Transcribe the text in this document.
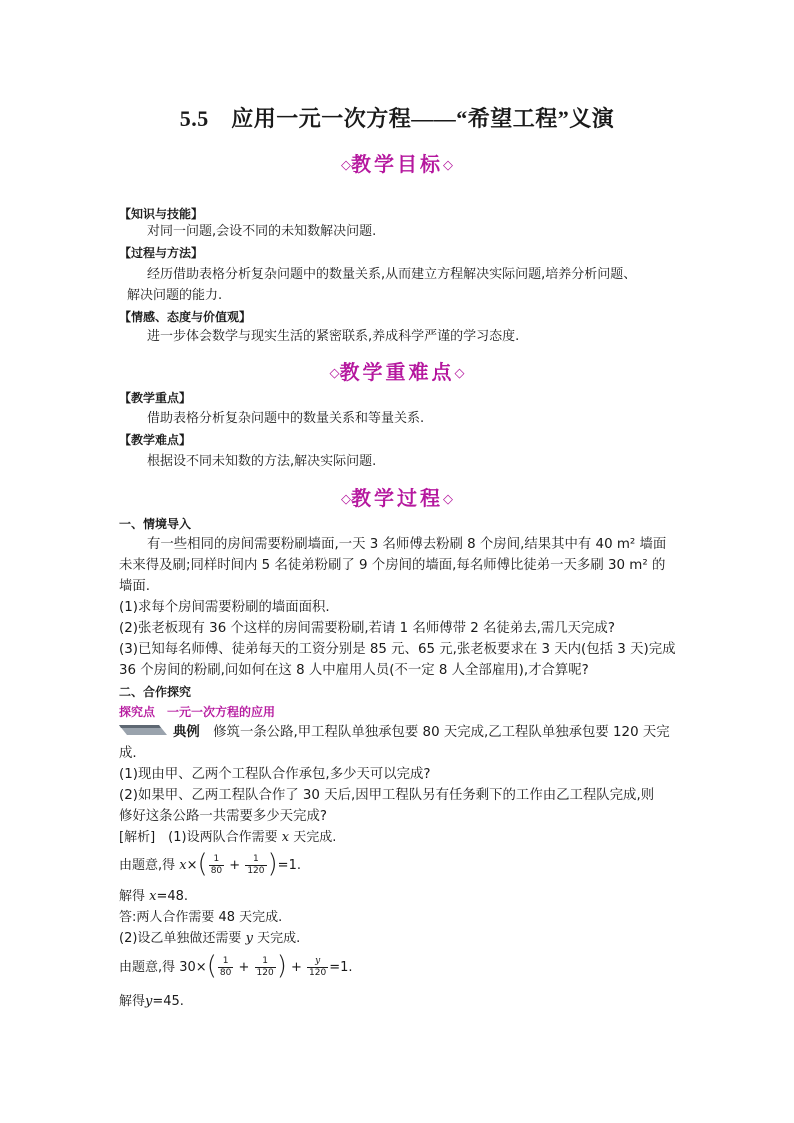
5.5　应用一元一次方程——“希望工程”义演
◇教学目标◇
【知识与技能】
对同一问题,会设不同的未知数解决问题.
【过程与方法】
经历借助表格分析复杂问题中的数量关系,从而建立方程解决实际问题,培养分析问题、
解决问题的能力.
【情感、态度与价值观】
进一步体会数学与现实生活的紧密联系,养成科学严谨的学习态度.
◇教学重难点◇
【教学重点】
借助表格分析复杂问题中的数量关系和等量关系.
【教学难点】
根据设不同未知数的方法,解决实际问题.
◇教学过程◇
一、情境导入
有一些相同的房间需要粉刷墙面,一天 3 名师傅去粉刷 8 个房间,结果其中有 40 m² 墙面
未来得及刷;同样时间内 5 名徒弟粉刷了 9 个房间的墙面,每名师傅比徒弟一天多刷 30 m² 的
墙面.
(1)求每个房间需要粉刷的墙面面积.
(2)张老板现有 36 个这样的房间需要粉刷,若请 1 名师傅带 2 名徒弟去,需几天完成?
(3)已知每名师傅、徒弟每天的工资分别是 85 元、65 元,张老板要求在 3 天内(包括 3 天)完成
36 个房间的粉刷,问如何在这 8 人中雇用人员(不一定 8 人全部雇用),才合算呢?
二、合作探究
探究点　一元一次方程的应用
典例　 修筑一条公路,甲工程队单独承包要 80 天完成,乙工程队单独承包要 120 天完
成.
(1)现由甲、乙两个工程队合作承包,多少天可以完成?
(2)如果甲、乙两工程队合作了 30 天后,因甲工程队另有任务剩下的工作由乙工程队完成,则
修好这条公路一共需要多少天完成?
[解析]　 (1)设两队合作需要 x 天完成.
由题意,得 $x\times( \frac{1}{80} + \frac{1}{120} )=1$.
解得 x=48.
答:两人合作需要 48 天完成.
(2)设乙单独做还需要 y 天完成.
由题意,得 $30\times( \frac{1}{80} + \frac{1}{120}$ ) + $\frac{y}{120} =1$.
解得y=45.
